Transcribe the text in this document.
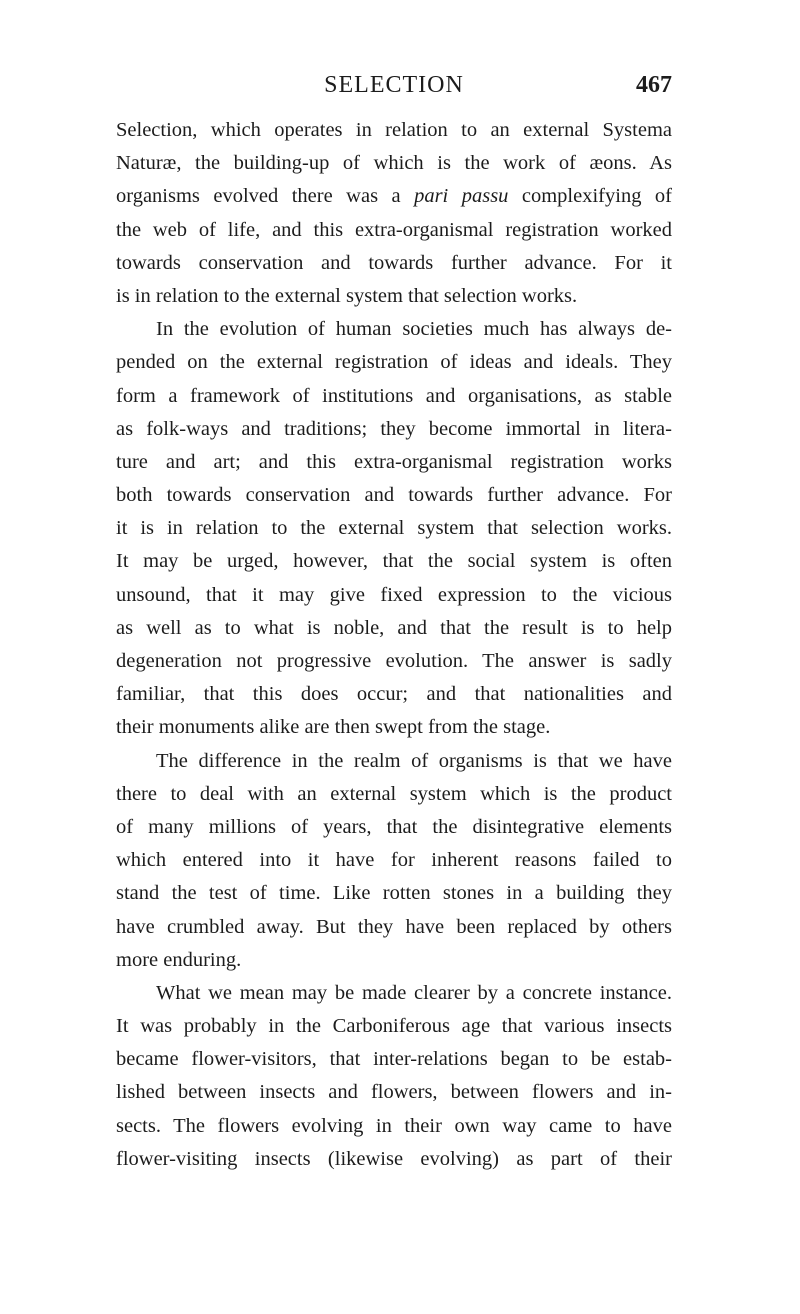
SELECTION	467
Selection, which operates in relation to an external Systema
Naturæ, the building-up of which is the work of æons. As
organisms evolved there was a pari passu complexifying of
the web of life, and this extra-organismal registration worked
towards conservation and towards further advance. For it
is in relation to the external system that selection works.
In the evolution of human societies much has always de-
pended on the external registration of ideas and ideals. They
form a framework of institutions and organisations, as stable
as folk-ways and traditions; they become immortal in litera-
ture and art; and this extra-organismal registration works
both towards conservation and towards further advance. For
it is in relation to the external system that selection works.
It may be urged, however, that the social system is often
unsound, that it may give fixed expression to the vicious
as well as to what is noble, and that the result is to help
degeneration not progressive evolution. The answer is sadly
familiar, that this does occur; and that nationalities and
their monuments alike are then swept from the stage.
The difference in the realm of organisms is that we have
there to deal with an external system which is the product
of many millions of years, that the disintegrative elements
which entered into it have for inherent reasons failed to
stand the test of time. Like rotten stones in a building they
have crumbled away. But they have been replaced by others
more enduring.
What we mean may be made clearer by a concrete instance.
It was probably in the Carboniferous age that various insects
became flower-visitors, that inter-relations began to be estab-
lished between insects and flowers, between flowers and in-
sects. The flowers evolving in their own way came to have
flower-visiting insects (likewise evolving) as part of their
